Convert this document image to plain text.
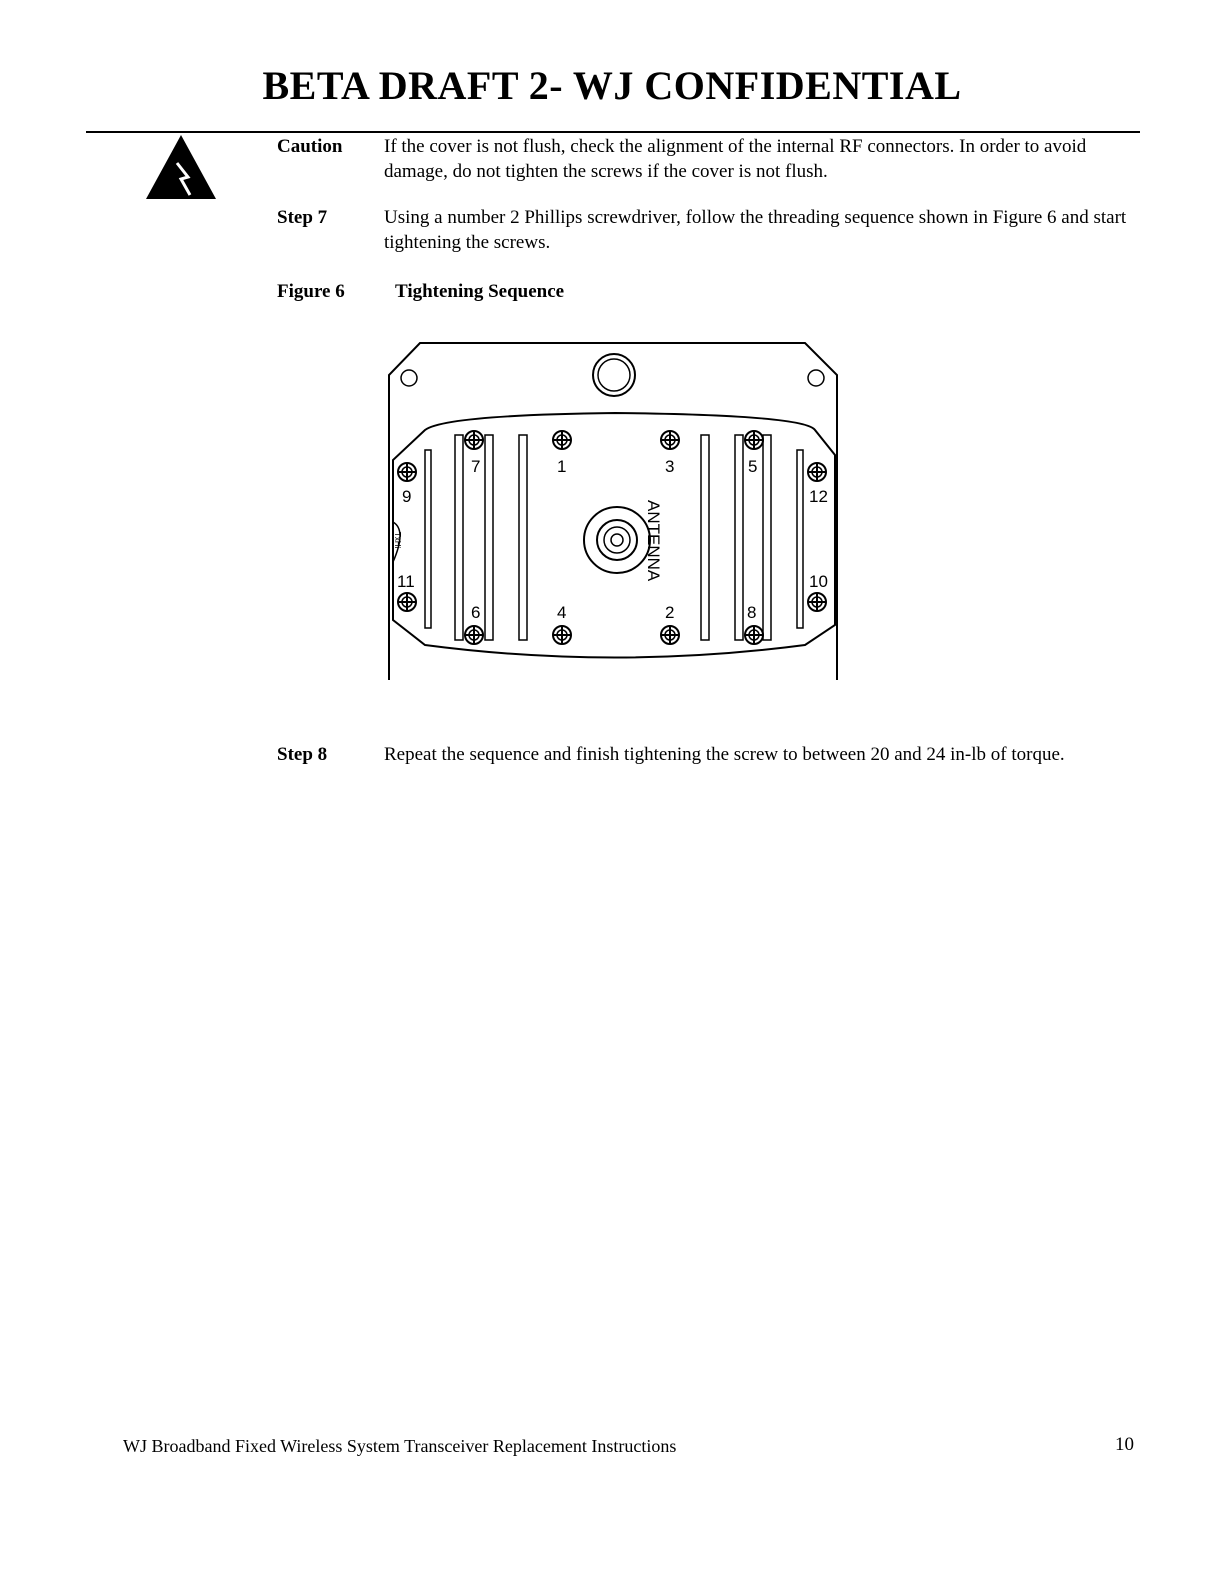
BETA DRAFT 2- WJ CONFIDENTIAL
Caution If the cover is not flush, check the alignment of the internal RF connectors. In order to avoid damage, do not tighten the screws if the cover is not flush.
Step 7	Using a number 2 Phillips screwdriver, follow the threading sequence shown in Figure 6 and start tightening the screws.
Figure 6	Tightening Sequence
ANTENNA
TxHi
1
2
3
4
5
6
7
8
9
10
11
12
Step 8	Repeat the sequence and finish tightening the screw to between 20 and 24 in-lb of torque.
WJ Broadband Fixed Wireless System Transceiver Replacement Instructions	10
